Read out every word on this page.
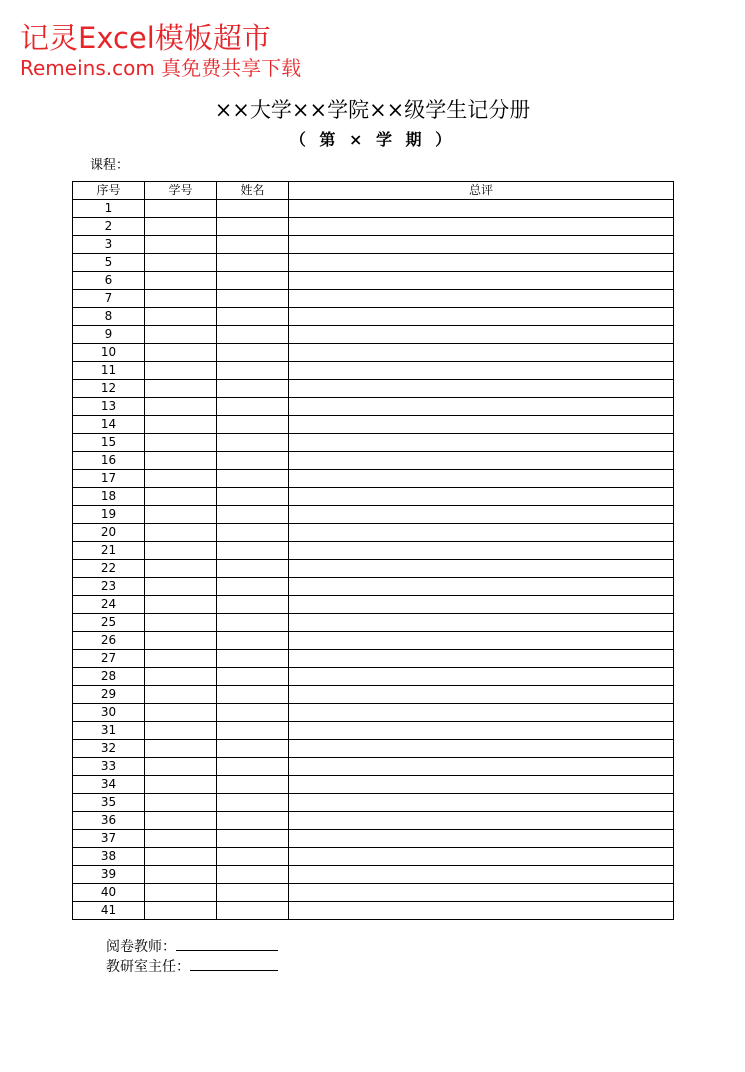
记灵Excel模板超市
Remeins.com 真免费共享下载
××大学××学院××级学生记分册
（ 第 × 学 期 ）
课程：
序号	学号	姓名	总评
1			
2			
3			
5			
6			
7			
8			
9			
10			
11			
12			
13			
14			
15			
16			
17			
18			
19			
20			
21			
22			
23			
24			
25			
26			
27			
28			
29			
30			
31			
32			
33			
34			
35			
36			
37			
38			
39			
40			
41			
阅卷教师：
教研室主任：
